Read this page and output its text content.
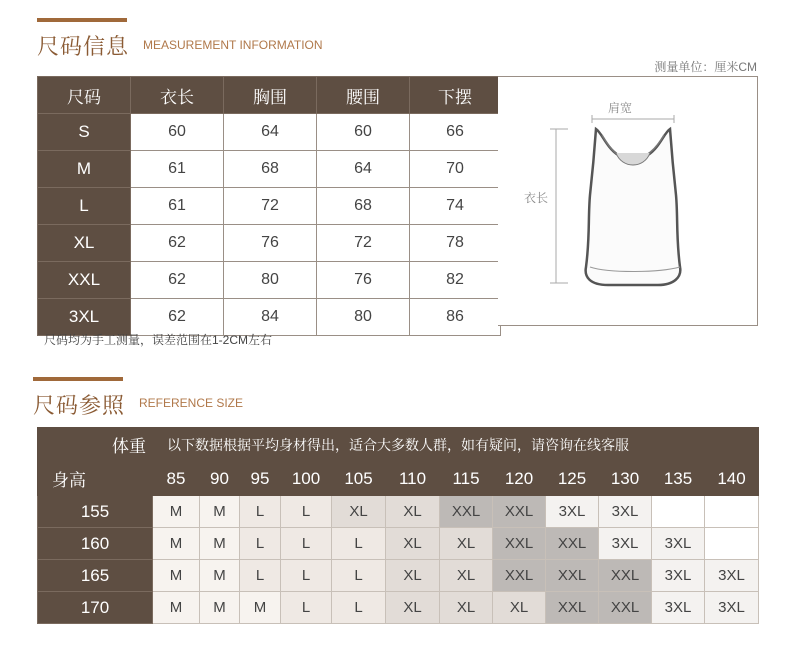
尺码信息 MEASUREMENT INFORMATION
测量单位：厘米CM
尺码	衣长	胸围	腰围	下摆
S	60	64	60	66
M	61	68	64	70
L	61	72	68	74
XL	62	76	72	78
XXL	62	80	76	82
3XL	62	84	80	86
肩宽
衣长
尺码均为手工测量，误差范围在1-2CM左右
尺码参照 REFERENCE SIZE
体重	以下数据根据平均身材得出，适合大多数人群，如有疑问，请咨询在线客服											
身高	85	90	95	100	105	110	115	120	125	130	135	140
155	M	M	L	L	XL	XL	XXL	XXL	3XL	3XL		
160	M	M	L	L	L	XL	XL	XXL	XXL	3XL	3XL	
165	M	M	L	L	L	XL	XL	XXL	XXL	XXL	3XL	3XL
170	M	M	M	L	L	XL	XL	XL	XXL	XXL	3XL	3XL
